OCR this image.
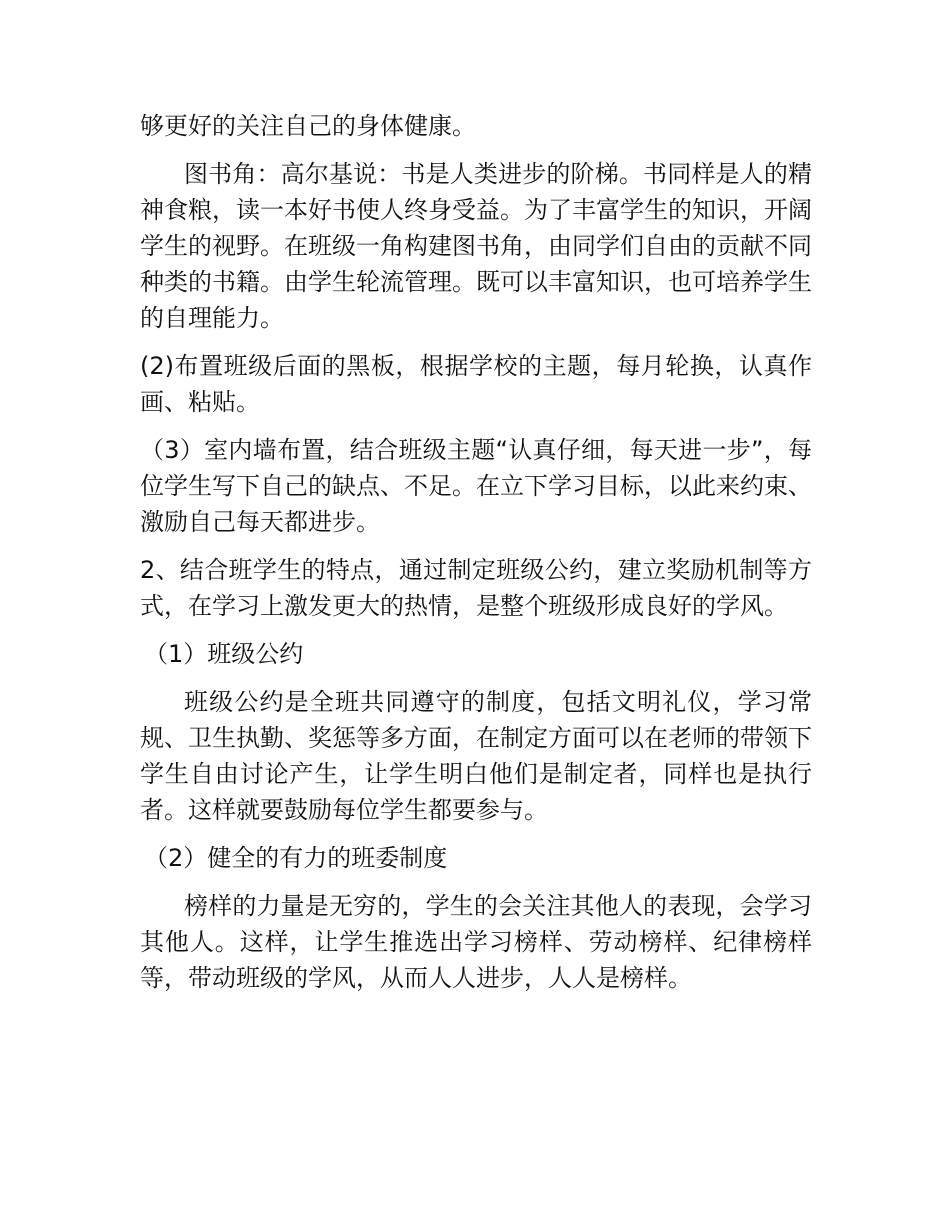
够更好的关注自己的身体健康。

图书角：高尔基说：书是人类进步的阶梯。书同样是人的精神食粮，读一本好书使人终身受益。为了丰富学生的知识，开阔学生的视野。在班级一角构建图书角，由同学们自由的贡献不同种类的书籍。由学生轮流管理。既可以丰富知识，也可培养学生的自理能力。

(2)布置班级后面的黑板，根据学校的主题，每月轮换，认真作画、粘贴。

（3）室内墙布置，结合班级主题“认真仔细，每天进一步”，每位学生写下自己的缺点、不足。在立下学习目标，以此来约束、激励自己每天都进步。

2、结合班学生的特点，通过制定班级公约，建立奖励机制等方式，在学习上激发更大的热情，是整个班级形成良好的学风。

（1）班级公约

班级公约是全班共同遵守的制度，包括文明礼仪，学习常规、卫生执勤、奖惩等多方面，在制定方面可以在老师的带领下学生自由讨论产生，让学生明白他们是制定者，同样也是执行者。这样就要鼓励每位学生都要参与。

（2）健全的有力的班委制度

榜样的力量是无穷的，学生的会关注其他人的表现，会学习其他人。这样，让学生推选出学习榜样、劳动榜样、纪律榜样等，带动班级的学风，从而人人进步，人人是榜样。
